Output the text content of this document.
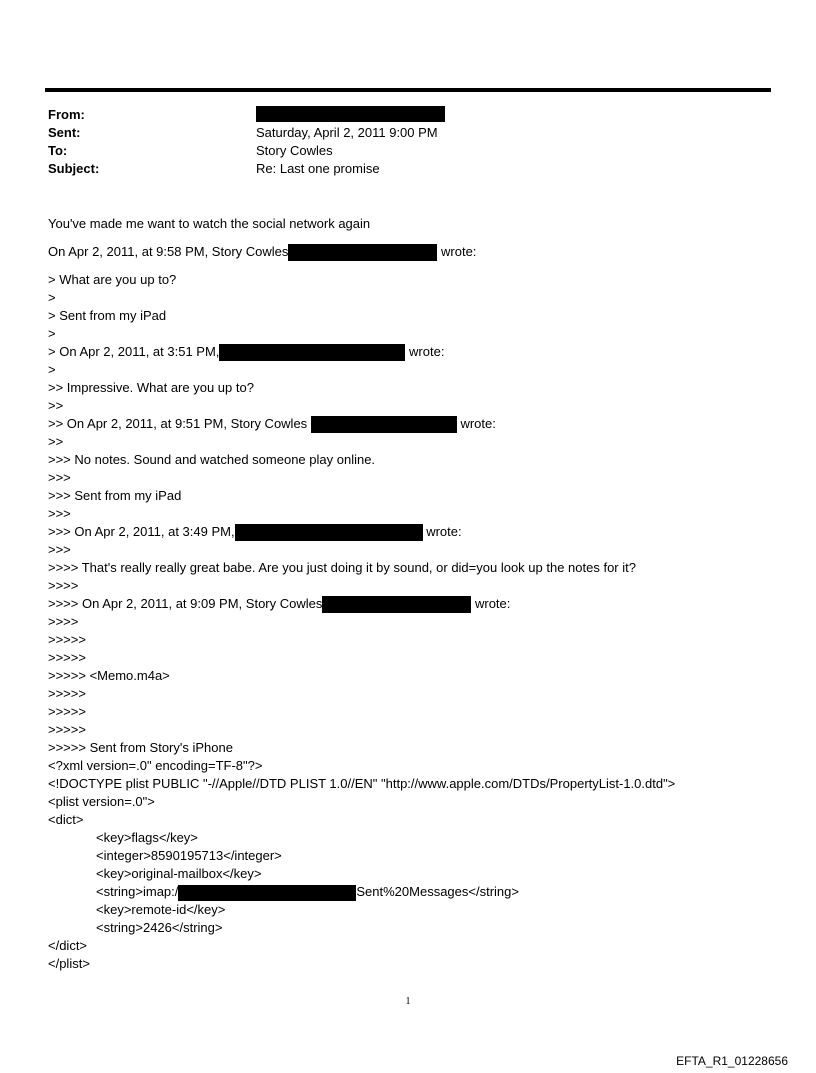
From:
Sent:	Saturday, April 2, 2011 9:00 PM
To:	Story Cowles
Subject:	Re: Last one promise
You've made me want to watch the social network again
On Apr 2, 2011, at 9:58 PM, Story Cowles	wrote:
> What are you up to?
>
> Sent from my iPad
>
> On Apr 2, 2011, at 3:51 PM,	wrote:
>
>> Impressive. What are you up to?
>>
>> On Apr 2, 2011, at 9:51 PM, Story Cowles	wrote:
>>
>>> No notes. Sound and watched someone play online.
>>>
>>> Sent from my iPad
>>>
>>> On Apr 2, 2011, at 3:49 PM,	wrote:
>>>
>>>> That's really really great babe. Are you just doing it by sound, or did=you look up the notes for it?
>>>>
>>>> On Apr 2, 2011, at 9:09 PM, Story Cowles	wrote:
>>>>
>>>>>
>>>>>
>>>>> <Memo.m4a>
>>>>>
>>>>>
>>>>>
>>>>> Sent from Story's iPhone
<?xml version=.0" encoding=TF-8"?>
<!DOCTYPE plist PUBLIC "-//Apple//DTD PLIST 1.0//EN" "http://www.apple.com/DTDs/PropertyList-1.0.dtd">
<plist version=.0">
<dict>
<key>flags</key>
<integer>8590195713</integer>
<key>original-mailbox</key>
<string>imap:/	Sent%20Messages</string>
<key>remote-id</key>
<string>2426</string>
</dict>
</plist>
1
EFTA_R1_01228656
